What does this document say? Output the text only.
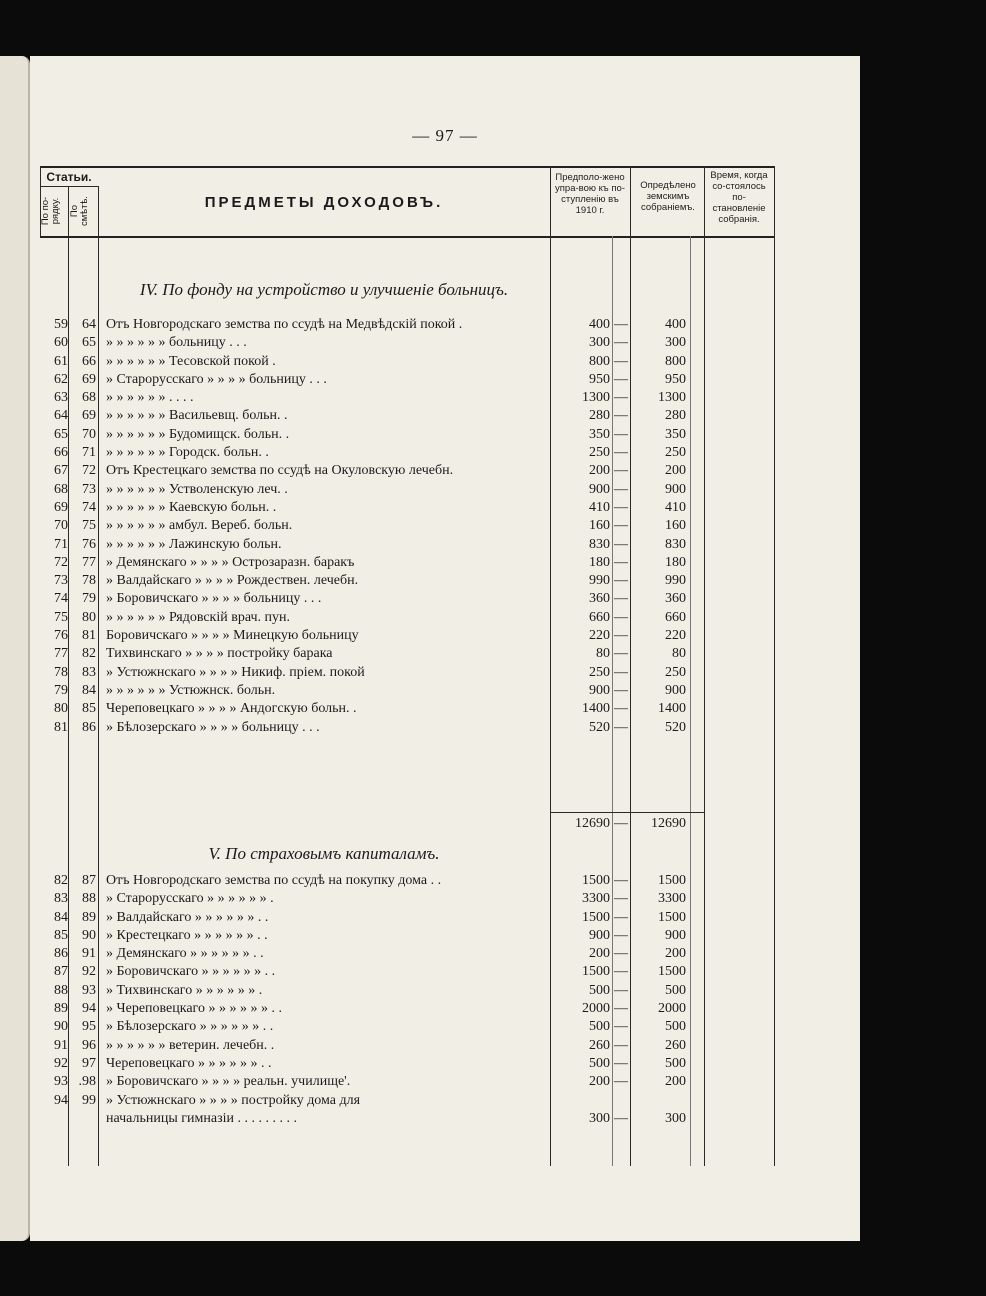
— 97 —
Статьи.
По по-
рядку. По
смѣтѣ.	ПРЕДМЕТЫ ДОХОДОВЪ.
Предполо-жено упра-вою къ по-ступленію въ 1910 г.
Опредѣлено земскимъ собраніемъ.
Время, когда со-стоялось по-становленіе собранія.
IV. По фонду на устройство и улучшеніе больницъ.
59	64 Отъ Новгородскаго земства по ссудѣ на Медвѣдскій покой .	400 —	400
60	65 » » » » » » больницу . . .	300 —	300
61	66 » » » » » » Тесовской покой .	800 —	800
62	69 » Старорусскаго » » » » больницу . . .	950 —	950
63	68 » » » » » » . . . .	1300 —	1300
64	69 » » » » » » Васильевщ. больн. .	280 —	280
65	70 » » » » » » Будомищск. больн. .	350 —	350
66	71 » » » » » » Городск. больн. .	250 —	250
67	72 Отъ Крестецкаго земства по ссудѣ на Окуловскую лечебн.	200 —	200
68	73 » » » » » » Устволенскую леч. .	900 —	900
69	74 » » » » » » Каевскую больн. .	410 —	410
70	75 » » » » » » амбул. Вереб. больн.	160 —	160
71	76 » » » » » » Лажинскую больн.	830 —	830
72	77 » Демянскаго » » » » Острозаразн. баракъ	180 —	180
73	78 » Валдайскаго » » » » Рождествен. лечебн.	990 —	990
74	79 » Боровичскаго » » » » больницу . . .	360 —	360
75	80 » » » » » » Рядовскій врач. пун.	660 —	660
76	81 Боровичскаго » » » » Минецкую больницу	220 —	220
77	82 Тихвинскаго » » » » постройку барака	80 —	80
78	83 » Устюжнскаго » » » » Никиф. пріем. покой	250 —	250
79	84 » » » » » » Устюжнск. больн.	900 —	900
80	85 Череповецкаго » » » » Андогскую больн. .	1400 —	1400
81	86 » Бѣлозерскаго » » » » больницу . . .	520 —	520
12690 —	12690
V. По страховымъ капиталамъ.
82	87 Отъ Новгородскаго земства по ссудѣ на покупку дома . .	1500 —	1500
83	88 » Старорусскаго » » » » » » .	3300 —	3300
84	89 » Валдайскаго » » » » » » . .	1500 —	1500
85	90 » Крестецкаго » » » » » » . .	900 —	900
86	91 » Демянскаго » » » » » » . .	200 —	200
87	92 » Боровичскаго » » » » » » . .	1500 —	1500
88	93 » Тихвинскаго » » » » » » .	500 —	500
89	94 » Череповецкаго » » » » » » . .	2000 —	2000
90	95 » Бѣлозерскаго » » » » » » . .	500 —	500
91	96 » » » » » » ветерин. лечебн. .	260 —	260
92	97 Череповецкаго » » » » » » . .	500 —	500
93 .98 » Боровичскаго » » » » реальн. училище'.	200 —	200
94	99 » Устюжнскаго » » » » постройку дома для
начальницы гимназіи . . . . . . . . .	300 —	300
